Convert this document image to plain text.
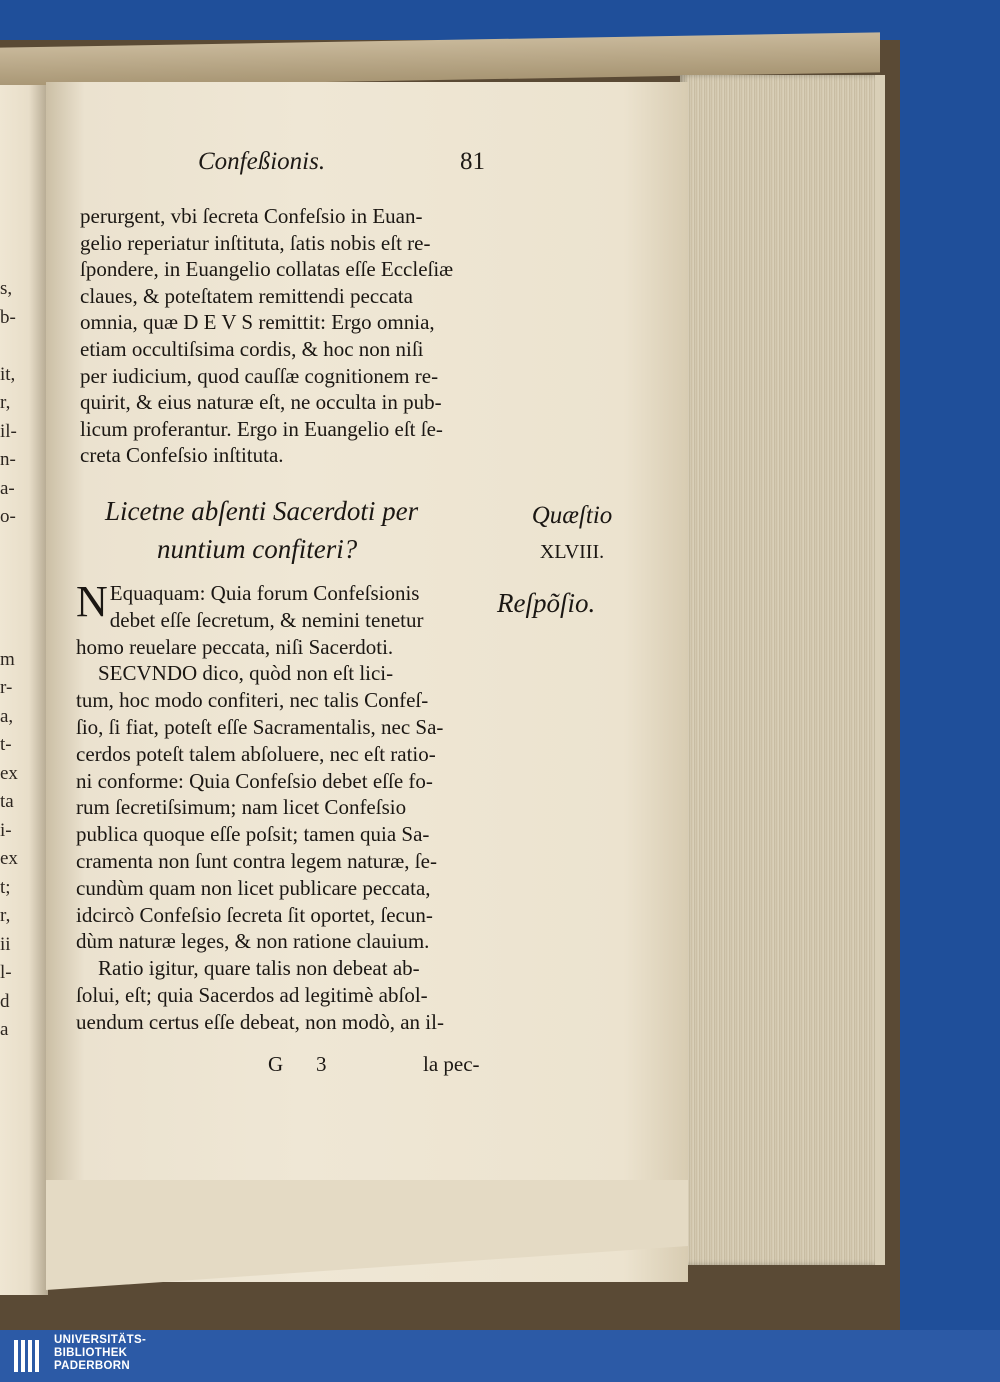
s,
b-
it,
r,
il-
n-
a-
o-
m
r-
a,
t-
ex
ta
i-
ex
t;
r,
ii
l-
d
a
Confeßionis.	81
perurgent, vbi ſecreta Confeſsio in Euan-
gelio reperiatur inſtituta, ſatis nobis eſt re-
ſpondere, in Euangelio collatas eſſe Eccleſiæ
claues, & poteſtatem remittendi peccata
omnia, quæ D E V S remittit: Ergo omnia,
etiam occultiſsima cordis, & hoc non niſi
per iudicium, quod cauſſæ cognitionem re-
quirit, & eius naturæ eſt, ne occulta in pub-
licum proferantur. Ergo in Euangelio eſt ſe-
creta Confeſsio inſtituta.
Licetne abſenti Sacerdoti per
nuntium confiteri?
Quæſtio
XLVIII.
Reſpõſio.
N Equaquam: Quia forum Confeſsionis
debet eſſe ſecretum, & nemini tenetur
homo reuelare peccata, niſi Sacerdoti.
SECVNDO dico, quòd non eſt lici-
tum, hoc modo confiteri, nec talis Confeſ-
ſio, ſi fiat, poteſt eſſe Sacramentalis, nec Sa-
cerdos poteſt talem abſoluere, nec eſt ratio-
ni conforme: Quia Confeſsio debet eſſe fo-
rum ſecretiſsimum; nam licet Confeſsio
publica quoque eſſe poſsit; tamen quia Sa-
cramenta non ſunt contra legem naturæ, ſe-
cundùm quam non licet publicare peccata,
idcircò Confeſsio ſecreta ſit oportet, ſecun-
dùm naturæ leges, & non ratione clauium.
Ratio igitur, quare talis non debeat ab-
ſolui, eſt; quia Sacerdos ad legitimè abſol-
uendum certus eſſe debeat, non modò, an il-
G 3	la pec-
UNIVERSITÄTS-
BIBLIOTHEK
PADERBORN
